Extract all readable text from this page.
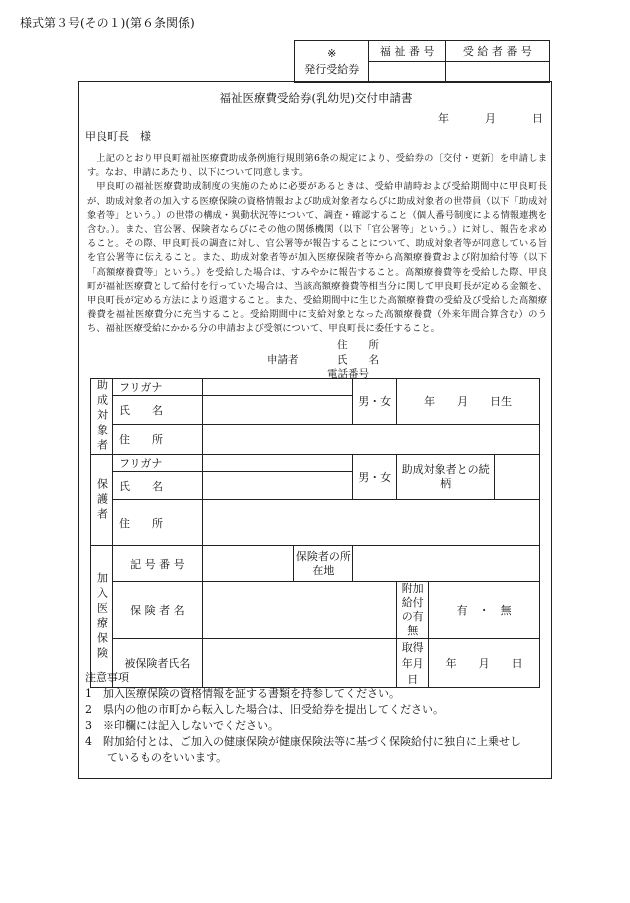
様式第３号(その１)(第６条関係)
※
発行受給券	福 祉 番 号	受 給 者 番 号

福祉医療費受給券(乳幼児)交付申請書
年	月	日
甲良町長　様

上記のとおり甲良町福祉医療費助成条例施行規則第6条の規定により、受給券の〔交付・更新〕を申請します。なお、申請にあたり、以下について同意します。

甲良町の福祉医療費助成制度の実施のために必要があるときは、受給申請時および受給期間中に甲良町長が、助成対象者の加入する医療保険の資格情報および助成対象者ならびに助成対象者の世帯員（以下「助成対象者等」という。）の世帯の構成・異動状況等について、調査・確認すること（個人番号制度による情報連携を含む。）。また、官公署、保険者ならびにその他の関係機関（以下「官公署等」という。）に対し、報告を求めること。その際、甲良町長の調査に対し、官公署等が報告することについて、助成対象者等が同意している旨を官公署等に伝えること。また、助成対象者等が加入医療保険者等から高額療養費および附加給付等（以下「高額療養費等」という。）を受給した場合は、すみやかに報告すること。高額療養費等を受給した際、甲良町が福祉医療費として給付を行っていた場合は、当該高額療養費等相当分に関して甲良町長が定める金額を、甲良町長が定める方法により返還すること。また、受給期間中に生じた高額療養費の受給及び受給した高額療養費を福祉医療費分に充当すること。受給期間中に支給対象となった高額療養費（外来年間合算含む）のうち、福祉医療受給にかかる分の申請および受領について、甲良町長に委任すること。

住　　所
申請者	氏　　名
電話番号
助成対象者	フリガナ			男・女	年　　月　　日生		
	氏　　名						
	住　　所						
保護者	フリガナ			男・女	助成対象者との続柄		
	氏　　名						
	住　　所						
加入医療保険	記 号 番 号		保険者の所在地				
	保 険 者 名				附加給付の有無	有　・　無	
	被保険者氏名				取得年月日	年　　月　　日	
注意事項
1　加入医療保険の資格情報を証する書類を持参してください。
2　県内の他の市町から転入した場合は、旧受給券を提出してください。
3　※印欄には記入しないでください。
4　附加給付とは、ご加入の健康保険が健康保険法等に基づく保険給付に独自に上乗せし
ているものをいいます。
